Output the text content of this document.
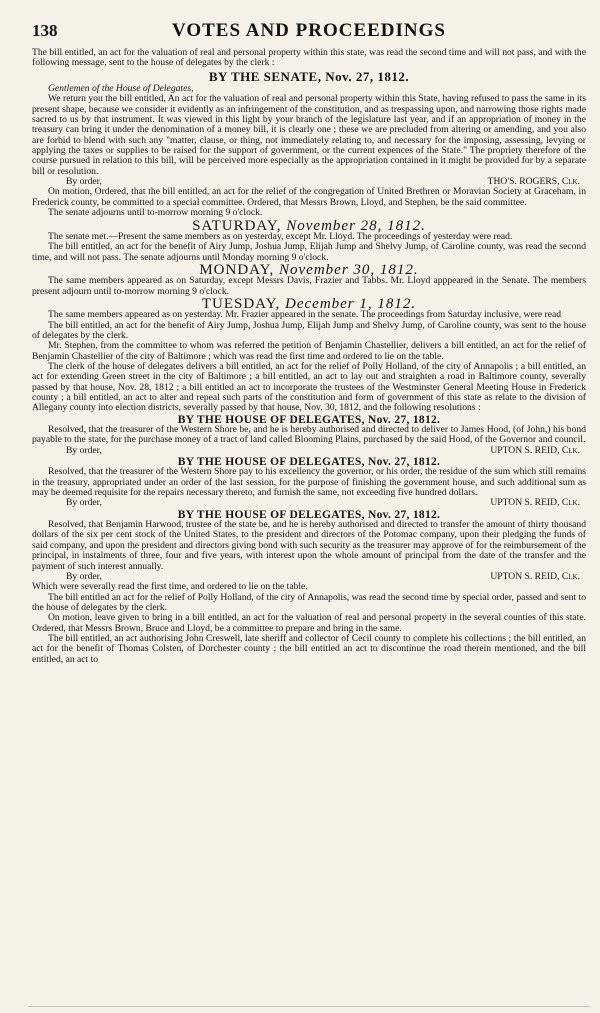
138	VOTES AND PROCEEDINGS

The bill entitled, an act for the valuation of real and personal property within this state, was read the second time and will not pass, and with the following message, sent to the house of delegates by the clerk :

BY THE SENATE, Nov. 27, 1812.

Gentlemen of the House of Delegates,

We return you the bill entitled, An act for the valuation of real and personal property within this State, having refused to pass the same in its present shape, because we consider it evidently as an infringement of the constitution, and as trespassing upon, and narrowing those rights made sacred to us by that instrument. It was viewed in this light by your branch of the legislature last year, and if an appropriation of money in the treasury can bring it under the denomination of a money bill, it is clearly one ; these we are precluded from altering or amending, and you also are forbid to blend with such any "matter, clause, or thing, not immediately relating to, and necessary for the imposing, assessing, levying or applying the taxes or supplies to be raised for the support of government, or the current expences of the State." The propriety therefore of the course pursued in relation to this bill, will be perceived more especially as the appropriation contained in it might be provided for by a separate bill or resolution.

By order,	THO'S. ROGERS, Clk.

On motion, Ordered, that the bill entitled, an act for the relief of the congregation of United Brethren or Moravian Society at Graceham, in Frederick county, be committed to a special committee. Ordered, that Messrs Brown, Lloyd, and Stephen, be the said committee.

The senate adjourns until to-morrow morning 9 o'clock.

SATURDAY, November 28, 1812.

The senate met.—Present the same members as on yesterday, except Mr. Lloyd. The proceedings of yesterday were read.

The bill entitled, an act for the benefit of Airy Jump, Joshua Jump, Elijah Jump and Shelvy Jump, of Caroline county, was read the second time, and will not pass. The senate adjourns until Monday morning 9 o'clock.

MONDAY, November 30, 1812.

The same members appeared as on Saturday, except Messrs Davis, Frazier and Tabbs. Mr. Lloyd apppeared in the Senate. The members present adjourn until to-morrow morning 9 o'clock.

TUESDAY, December 1, 1812.

The same members appeared as on yesterday. Mr. Frazier appeared in the senate. The proceedings from Saturday inclusive, were read

The bill entitled, an act for the benefit of Airy Jump, Joshua Jump, Elijah Jump and Shelvy Jump, of Caroline county, was sent to the house of delegates by the clerk.

Mr. Stephen, from the committee to whom was referred the petition of Benjamin Chastellier, delivers a bill entitled, an act for the relief of Benjamin Chastellier of the city of Baltimore ; which was read the first time and ordered to lie on the table.

The clerk of the house of delegates delivers a bill entitled, an act for the relief of Polly Holland, of the city of Annapolis ; a bill entitled, an act for extending Green street in the city of Baltimore ; a bill entitled, an act to lay out and straighten a road in Baltimore county, severally passed by that house, Nov. 28, 1812 ; a bill entitled an act to incorporate the trustees of the Westminster General Meeting House in Frederick county ; a bill entitled, an act to alter and repeal such parts of the constitution and form of government of this state as relate to the division of Allegany county into election districts, severally passed by that house, Nov. 30, 1812, and the following resolutions :

BY THE HOUSE OF DELEGATES, Nov. 27, 1812.

Resolved, that the treasurer of the Western Shore be, and he is hereby authorised and directed to deliver to James Hood, (of John,) his bond payable to the state, for the purchase money of a tract of land called Blooming Plains, purchased by the said Hood, of the Governor and council.

By order,	UPTON S. REID, Clk.
BY THE HOUSE OF DELEGATES, Nov. 27, 1812.

Resolved, that the treasurer of the Western Shore pay to his excellency the governor, or his order, the residue of the sum which still remains in the treasury, appropriated under an order of the last session, for the purpose of finishing the government house, and such additional sum as may be deemed requisite for the repairs necessary thereto, and furnish the same, not exceeding five hundred dollars.

By order,	UPTON S. REID, Clk.
BY THE HOUSE OF DELEGATES, Nov. 27, 1812.

Resolved, that Benjamin Harwood, trustee of the state be, and he is hereby authorised and directed to transfer the amount of thirty thousand dollars of the six per cent stock of the United States, to the president and directors of the Potomac company, upon their pledging the funds of said company, and upon the president and directors giving bond with such security as the treasurer may approve of for the reimbursement of the principal, in instalments of three, four and five years, with interest upon the whole amount of principal from the date of the transfer and the payment of such interest annually.

By order,	UPTON S. REID, Clk.

Which were severally read the first time, and ordered to lie on the table.

The bill entitled an act for the relief of Polly Holland, of the city of Annapolis, was read the second time by special order, passed and sent to the house of delegates by the clerk.

On motion, leave given to bring in a bill entitled, an act for the valuation of real and personal property in the several counties of this state. Ordered, that Messrs Brown, Bruce and Lloyd, be a committee to prepare and bring in the same.

The bill entitled, an act authorising John Creswell, late sheriff and collector of Cecil county to complete his collections ; the bill entitled, an act for the benefit of Thomas Colsten, of Dorchester county ; the bill entitled an act to discontinue the road therein mentioned, and the bill entitled, an act to
